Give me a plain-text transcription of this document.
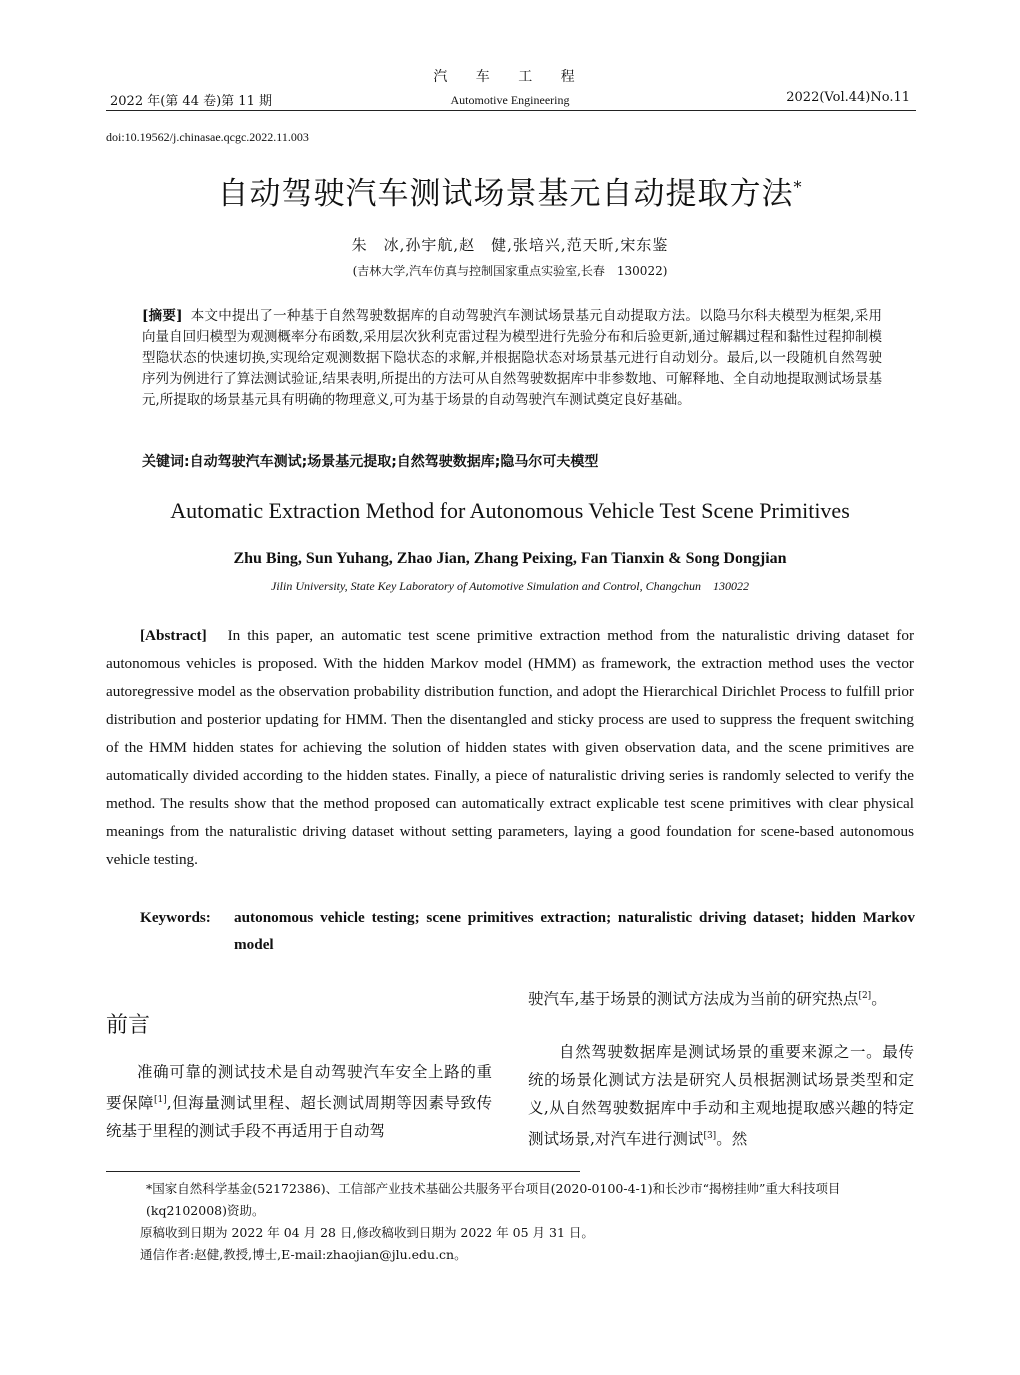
汽 车 工 程
2022 年(第 44 卷)第 11 期	Automotive Engineering	2022(Vol.44)No.11
doi:10.19562/j.chinasae.qcgc.2022.11.003
自动驾驶汽车测试场景基元自动提取方法*
朱　冰,孙宇航,赵　健,张培兴,范天昕,宋东鉴
(吉林大学,汽车仿真与控制国家重点实验室,长春　130022)
[摘要] 本文中提出了一种基于自然驾驶数据库的自动驾驶汽车测试场景基元自动提取方法。以隐马尔科夫模型为框架,采用向量自回归模型为观测概率分布函数,采用层次狄利克雷过程为模型进行先验分布和后验更新,通过解耦过程和黏性过程抑制模型隐状态的快速切换,实现给定观测数据下隐状态的求解,并根据隐状态对场景基元进行自动划分。最后,以一段随机自然驾驶序列为例进行了算法测试验证,结果表明,所提出的方法可从自然驾驶数据库中非参数地、可解释地、全自动地提取测试场景基元,所提取的场景基元具有明确的物理意义,可为基于场景的自动驾驶汽车测试奠定良好基础。
关键词:自动驾驶汽车测试;场景基元提取;自然驾驶数据库;隐马尔可夫模型
Automatic Extraction Method for Autonomous Vehicle Test Scene Primitives
Zhu Bing, Sun Yuhang, Zhao Jian, Zhang Peixing, Fan Tianxin & Song Dongjian
Jilin University, State Key Laboratory of Automotive Simulation and Control, Changchun　130022
[Abstract] In this paper, an automatic test scene primitive extraction method from the naturalistic driving dataset for autonomous vehicles is proposed. With the hidden Markov model (HMM) as framework, the extraction method uses the vector autoregressive model as the observation probability distribution function, and adopt the Hierarchical Dirichlet Process to fulfill prior distribution and posterior updating for HMM. Then the disentangled and sticky process are used to suppress the frequent switching of the HMM hidden states for achieving the solution of hidden states with given observation data, and the scene primitives are automatically divided according to the hidden states. Finally, a piece of naturalistic driving series is randomly selected to verify the method. The results show that the method proposed can automatically extract explicable test scene primitives with clear physical meanings from the naturalistic driving dataset without setting parameters, laying a good foundation for scene-based autonomous vehicle testing.
Keywords: autonomous vehicle testing; scene primitives extraction; naturalistic driving dataset; hidden Markov model
驶汽车,基于场景的测试方法成为当前的研究热点[2]。
前言
准确可靠的测试技术是自动驾驶汽车安全上路的重要保障[1],但海量测试里程、超长测试周期等因素导致传统基于里程的测试手段不再适用于自动驾
自然驾驶数据库是测试场景的重要来源之一。最传统的场景化测试方法是研究人员根据测试场景类型和定义,从自然驾驶数据库中手动和主观地提取感兴趣的特定测试场景,对汽车进行测试[3]。然

*国家自然科学基金(52172386)、工信部产业技术基础公共服务平台项目(2020-0100-4-1)和长沙市“揭榜挂帅”重大科技项目(kq2102008)资助。

原稿收到日期为 2022 年 04 月 28 日,修改稿收到日期为 2022 年 05 月 31 日。

通信作者:赵健,教授,博士,E-mail:zhaojian@jlu.edu.cn。
